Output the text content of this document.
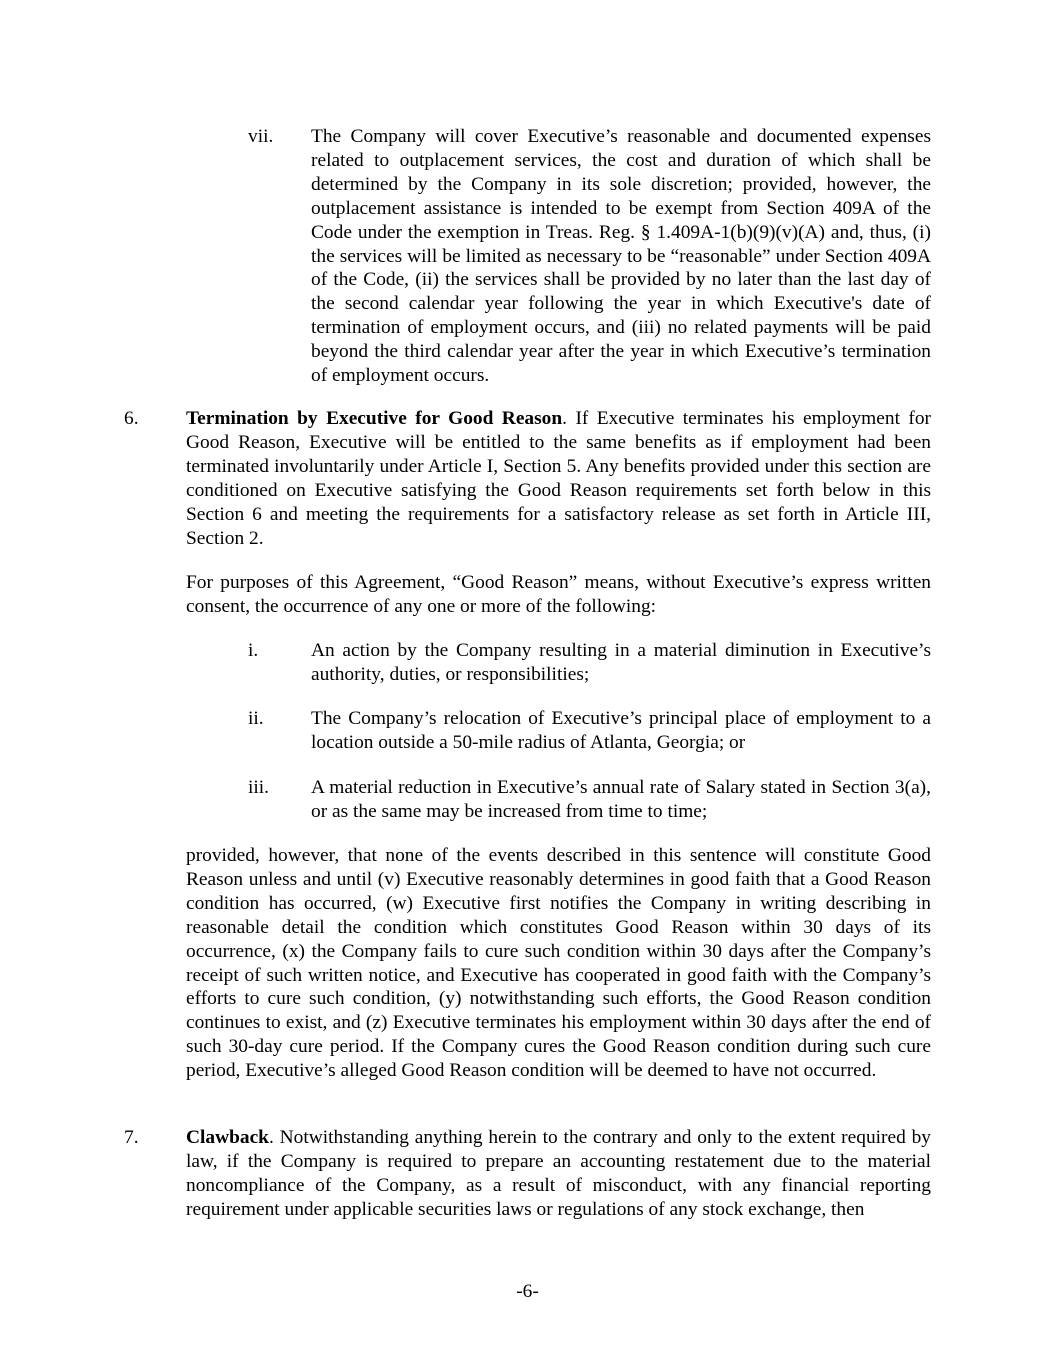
vii. The Company will cover Executive’s reasonable and documented expenses related to outplacement services, the cost and duration of which shall be determined by the Company in its sole discretion; provided, however, the outplacement assistance is intended to be exempt from Section 409A of the Code under the exemption in Treas. Reg. § 1.409A-1(b)(9)(v)(A) and, thus, (i) the services will be limited as necessary to be “reasonable” under Section 409A of the Code, (ii) the services shall be provided by no later than the last day of the second calendar year following the year in which Executive's date of termination of employment occurs, and (iii) no related payments will be paid beyond the third calendar year after the year in which Executive’s termination of employment occurs.
6. Termination by Executive for Good Reason. If Executive terminates his employment for Good Reason, Executive will be entitled to the same benefits as if employment had been terminated involuntarily under Article I, Section 5. Any benefits provided under this section are conditioned on Executive satisfying the Good Reason requirements set forth below in this Section 6 and meeting the requirements for a satisfactory release as set forth in Article III, Section 2.
For purposes of this Agreement, “Good Reason” means, without Executive’s express written consent, the occurrence of any one or more of the following:
i.	An action by the Company resulting in a material diminution in Executive’s authority, duties, or responsibilities;
ii. The Company’s relocation of Executive’s principal place of employment to a location outside a 50-mile radius of Atlanta, Georgia; or
iii. A material reduction in Executive’s annual rate of Salary stated in Section 3(a), or as the same may be increased from time to time;
provided, however, that none of the events described in this sentence will constitute Good Reason unless and until (v) Executive reasonably determines in good faith that a Good Reason condition has occurred, (w) Executive first notifies the Company in writing describing in reasonable detail the condition which constitutes Good Reason within 30 days of its occurrence, (x) the Company fails to cure such condition within 30 days after the Company’s receipt of such written notice, and Executive has cooperated in good faith with the Company’s efforts to cure such condition, (y) notwithstanding such efforts, the Good Reason condition continues to exist, and (z) Executive terminates his employment within 30 days after the end of such 30-day cure period. If the Company cures the Good Reason condition during such cure period, Executive’s alleged Good Reason condition will be deemed to have not occurred.
7. Clawback. Notwithstanding anything herein to the contrary and only to the extent required by law, if the Company is required to prepare an accounting restatement due to the material noncompliance of the Company, as a result of misconduct, with any financial reporting requirement under applicable securities laws or regulations of any stock exchange, then
-6-
